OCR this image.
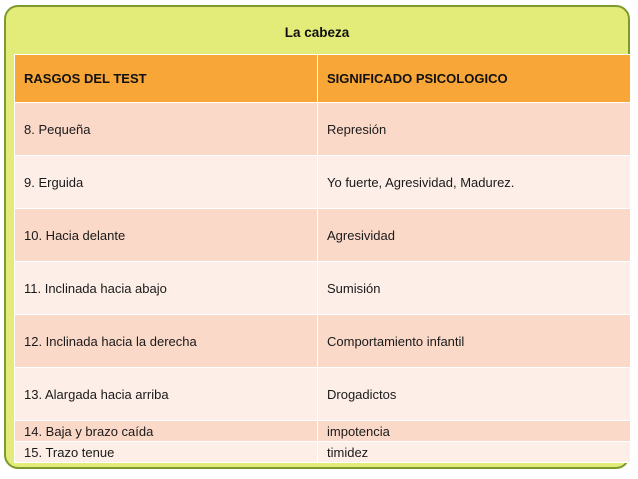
La cabeza
RASGOS DEL TEST	SIGNIFICADO PSICOLOGICO
8. Pequeña	Represión
9. Erguida	Yo fuerte, Agresividad, Madurez.
10. Hacia delante	Agresividad
11. Inclinada hacia abajo	Sumisión
12. Inclinada hacia la derecha	Comportamiento infantil
13. Alargada hacia arriba	Drogadictos
14. Baja y brazo caída	impotencia
15. Trazo tenue	timidez
